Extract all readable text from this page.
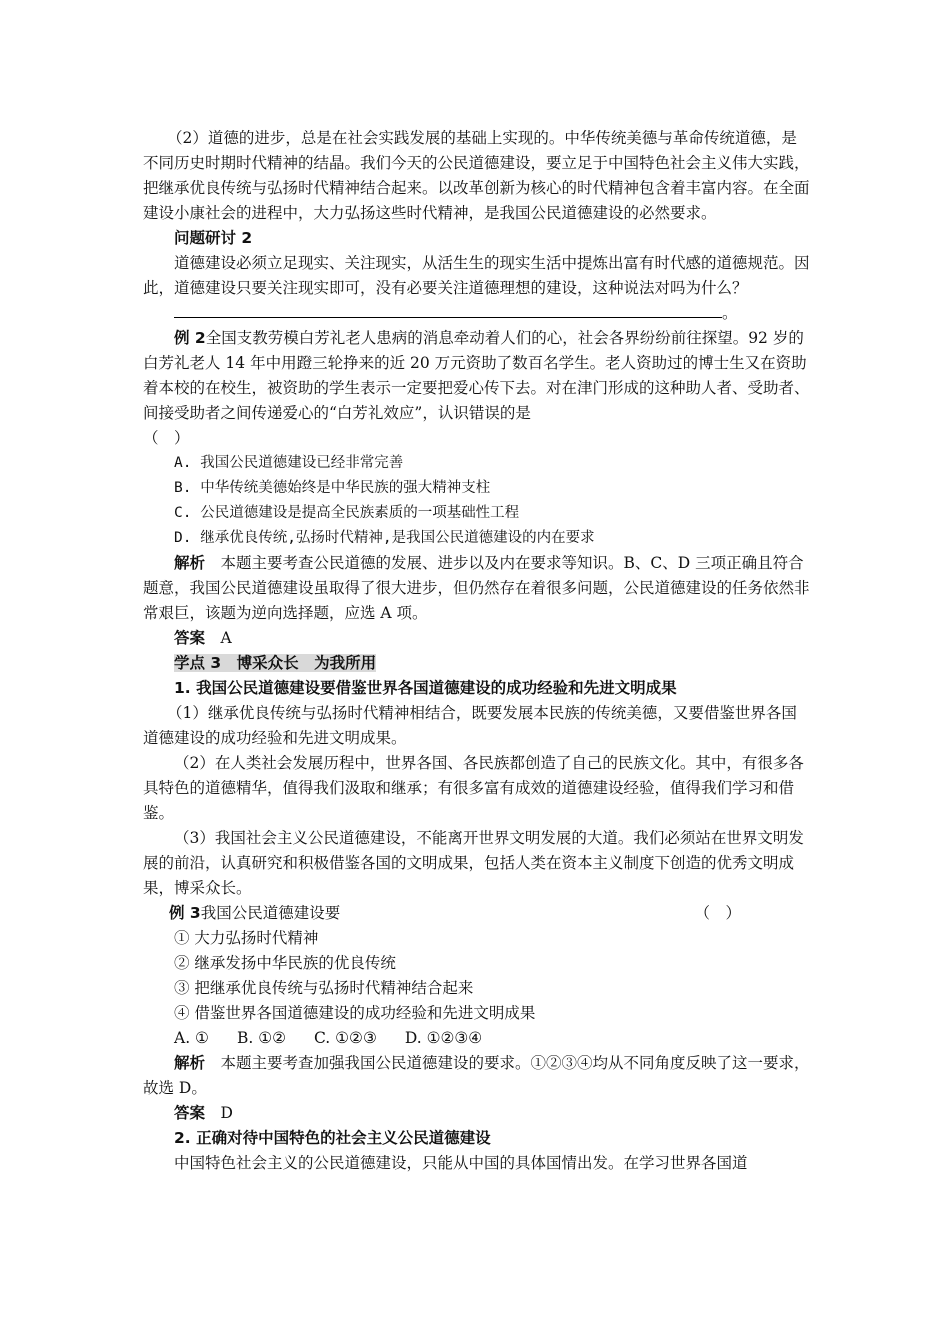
（2）道德的进步，总是在社会实践发展的基础上实现的。中华传统美德与革命传统道德，是不同历史时期时代精神的结晶。我们今天的公民道德建设，要立足于中国特色社会主义伟大实践，把继承优良传统与弘扬时代精神结合起来。以改革创新为核心的时代精神包含着丰富内容。在全面建设小康社会的进程中，大力弘扬这些时代精神，是我国公民道德建设的必然要求。

问题研讨 2

道德建设必须立足现实、关注现实，从活生生的现实生活中提炼出富有时代感的道德规范。因此，道德建设只要关注现实即可，没有必要关注道德理想的建设，这种说法对吗为什么？

。

例 2全国支教劳模白芳礼老人患病的消息牵动着人们的心，社会各界纷纷前往探望。92 岁的白芳礼老人 14 年中用蹬三轮挣来的近 20 万元资助了数百名学生。老人资助过的博士生又在资助着本校的在校生，被资助的学生表示一定要把爱心传下去。对在津门形成的这种助人者、受助者、间接受助者之间传递爱心的“白芳礼效应”，认识错误的是

（　）

A. 我国公民道德建设已经非常完善

B. 中华传统美德始终是中华民族的强大精神支柱

C. 公民道德建设是提高全民族素质的一项基础性工程

D. 继承优良传统,弘扬时代精神,是我国公民道德建设的内在要求

解析　 本题主要考查公民道德的发展、进步以及内在要求等知识。B、C、D 三项正确且符合题意，我国公民道德建设虽取得了很大进步，但仍然存在着很多问题，公民道德建设的任务依然非常艰巨，该题为逆向选择题，应选 A 项。

答案　 A

学点 3　博采众长　为我所用

1. 我国公民道德建设要借鉴世界各国道德建设的成功经验和先进文明成果

（1）继承优良传统与弘扬时代精神相结合，既要发展本民族的传统美德，又要借鉴世界各国道德建设的成功经验和先进文明成果。

（2）在人类社会发展历程中，世界各国、各民族都创造了自己的民族文化。其中，有很多各具特色的道德精华，值得我们汲取和继承；有很多富有成效的道德建设经验，值得我们学习和借鉴。

（3）我国社会主义公民道德建设，不能离开世界文明发展的大道。我们必须站在世界文明发展的前沿，认真研究和积极借鉴各国的文明成果，包括人类在资本主义制度下创造的优秀文明成果，博采众长。

例 3我国公民道德建设要	（　）

① 大力弘扬时代精神

② 继承发扬中华民族的优良传统

③ 把继承优良传统与弘扬时代精神结合起来

④ 借鉴世界各国道德建设的成功经验和先进文明成果

A. ① B. ①② C. ①②③ D. ①②③④

解析　 本题主要考查加强我国公民道德建设的要求。①②③④均从不同角度反映了这一要求，故选 D。

答案　 D

2. 正确对待中国特色的社会主义公民道德建设

中国特色社会主义的公民道德建设，只能从中国的具体国情出发。在学习世界各国道
